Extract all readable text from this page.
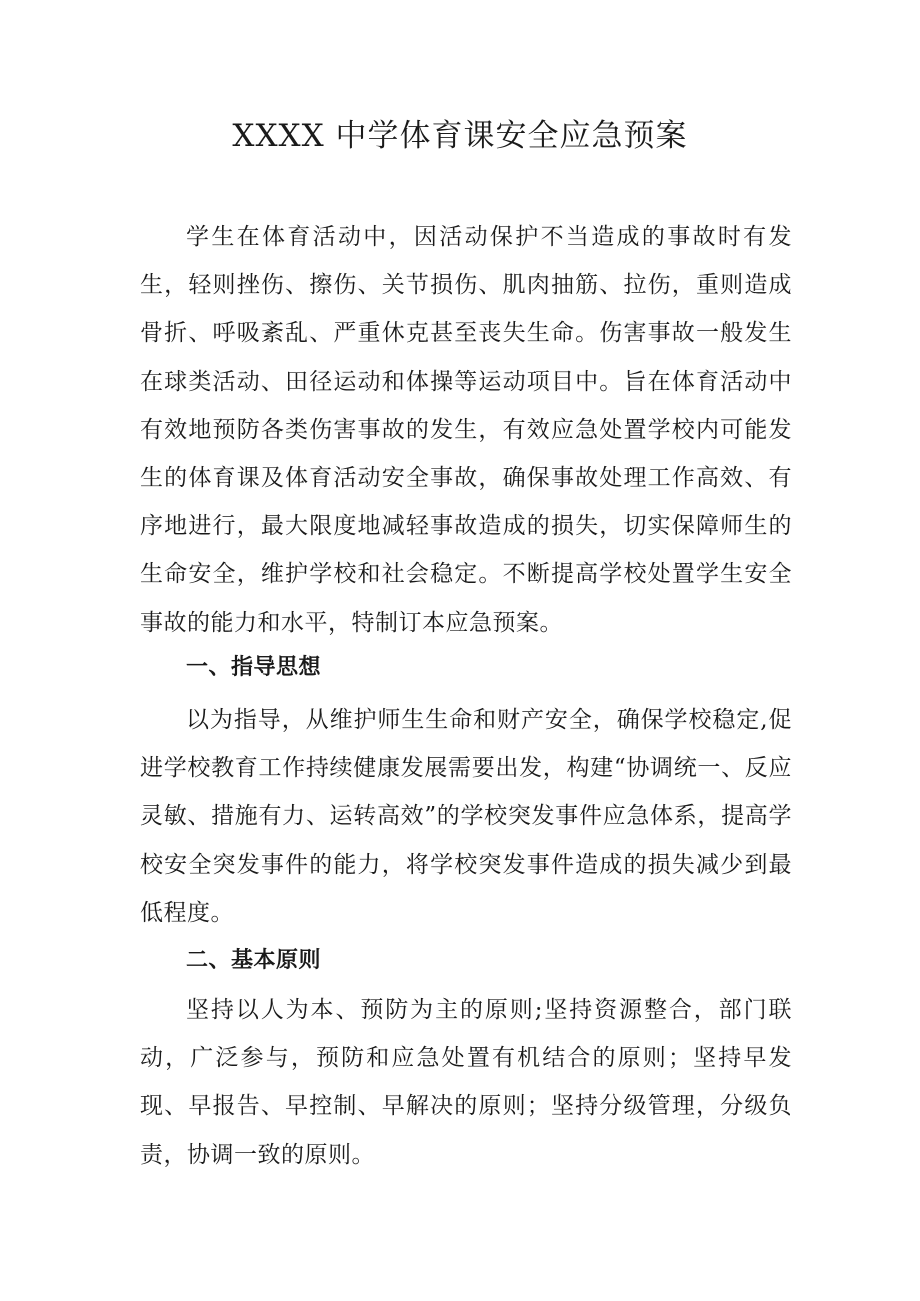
XXXX 中学体育课安全应急预案

学生在体育活动中，因活动保护不当造成的事故时有发生，轻则挫伤、擦伤、关节损伤、肌肉抽筋、拉伤，重则造成骨折、呼吸紊乱、严重休克甚至丧失生命。伤害事故一般发生在球类活动、田径运动和体操等运动项目中。旨在体育活动中有效地预防各类伤害事故的发生，有效应急处置学校内可能发生的体育课及体育活动安全事故，确保事故处理工作高效、有序地进行，最大限度地减轻事故造成的损失，切实保障师生的生命安全，维护学校和社会稳定。不断提高学校处置学生安全事故的能力和水平，特制订本应急预案。

一、指导思想

以为指导，从维护师生生命和财产安全，确保学校稳定,促进学校教育工作持续健康发展需要出发，构建“协调统一、反应灵敏、措施有力、运转高效”的学校突发事件应急体系，提高学校安全突发事件的能力，将学校突发事件造成的损失减少到最低程度。

二、基本原则

坚持以人为本、预防为主的原则;坚持资源整合，部门联动，广泛参与，预防和应急处置有机结合的原则；坚持早发现、早报告、早控制、早解决的原则；坚持分级管理，分级负责，协调一致的原则。
